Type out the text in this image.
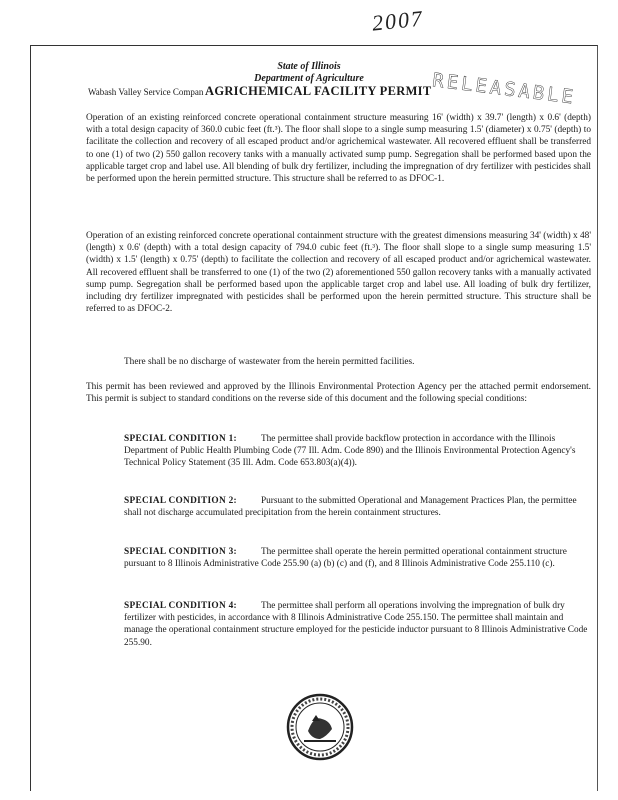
2007
State of Illinois
Department of Agriculture
Wabash Valley Service Compan AGRICHEMICAL FACILITY PERMIT RELEASABLE

Operation of an existing reinforced concrete operational containment structure measuring 16' (width) x 39.7' (length) x 0.6' (depth) with a total design capacity of 360.0 cubic feet (ft.³). The floor shall slope to a single sump measuring 1.5' (diameter) x 0.75' (depth) to facilitate the collection and recovery of all escaped product and/or agrichemical wastewater. All recovered effluent shall be transferred to one (1) of two (2) 550 gallon recovery tanks with a manually activated sump pump. Segregation shall be performed based upon the applicable target crop and label use. All blending of bulk dry fertilizer, including the impregnation of dry fertilizer with pesticides shall be performed upon the herein permitted structure. This structure shall be referred to as DFOC-1.

Operation of an existing reinforced concrete operational containment structure with the greatest dimensions measuring 34' (width) x 48' (length) x 0.6' (depth) with a total design capacity of 794.0 cubic feet (ft.³). The floor shall slope to a single sump measuring 1.5' (width) x 1.5' (length) x 0.75' (depth) to facilitate the collection and recovery of all escaped product and/or agrichemical wastewater. All recovered effluent shall be transferred to one (1) of the two (2) aforementioned 550 gallon recovery tanks with a manually activated sump pump. Segregation shall be performed based upon the applicable target crop and label use. All loading of bulk dry fertilizer, including dry fertilizer impregnated with pesticides shall be performed upon the herein permitted structure. This structure shall be referred to as DFOC-2.

There shall be no discharge of wastewater from the herein permitted facilities.

This permit has been reviewed and approved by the Illinois Environmental Protection Agency per the attached permit endorsement. This permit is subject to standard conditions on the reverse side of this document and the following special conditions:

SPECIAL CONDITION 1:	The permittee shall provide backflow protection in accordance with the Illinois Department of Public Health Plumbing Code (77 Ill. Adm. Code 890) and the Illinois Environmental Protection Agency's Technical Policy Statement (35 Ill. Adm. Code 653.803(a)(4)).
SPECIAL CONDITION 2:	Pursuant to the submitted Operational and Management Practices Plan, the permittee shall not discharge accumulated precipitation from the herein containment structures.
SPECIAL CONDITION 3:	The permittee shall operate the herein permitted operational containment structure pursuant to 8 Illinois Administrative Code 255.90 (a) (b) (c) and (f), and 8 Illinois Administrative Code 255.110 (c).
SPECIAL CONDITION 4:	The permittee shall perform all operations involving the impregnation of bulk dry fertilizer with pesticides, in accordance with 8 Illinois Administrative Code 255.150. The permittee shall maintain and manage the operational containment structure employed for the pesticide inductor pursuant to 8 Illinois Administrative Code 255.90.
